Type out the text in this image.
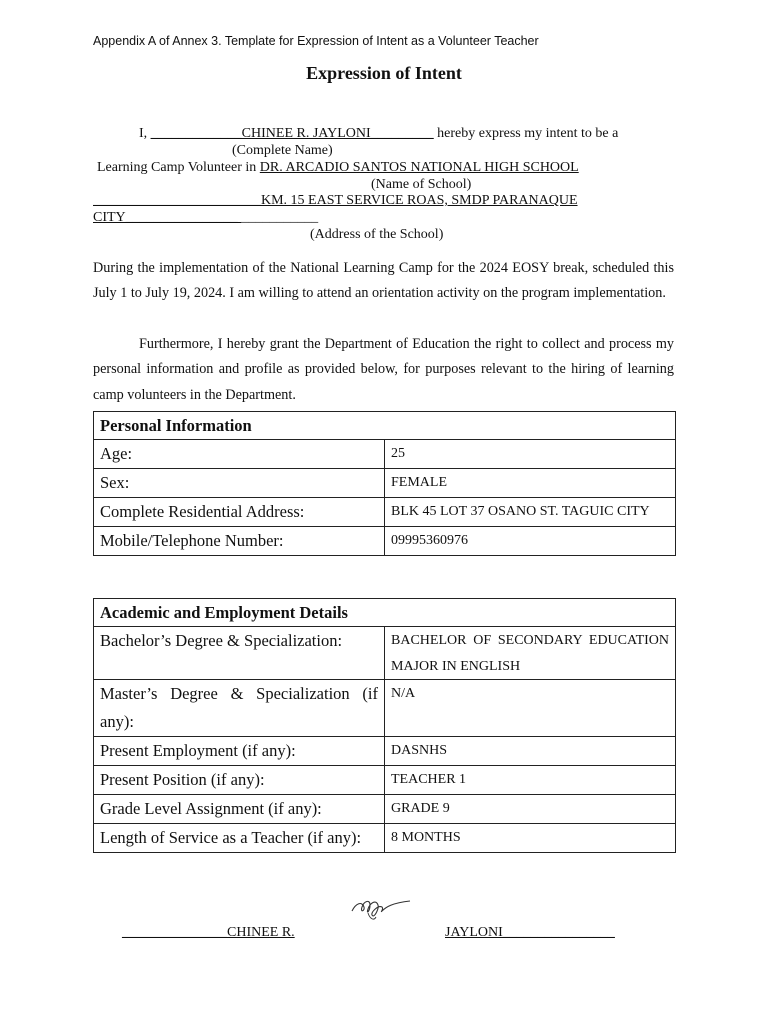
Appendix A of Annex 3. Template for Expression of Intent as a Volunteer Teacher
Expression of Intent
I, _____________CHINEE R. JAYLONI_________ hereby express my intent to be a
(Complete Name)
Learning Camp Volunteer in DR. ARCADIO SANTOS NATIONAL HIGH SCHOOL
(Name of School)
________________________KM. 15 EAST SERVICE ROAS, SMDP PARANAQUE
CITY________________ ___________
(Address of the School)
During the implementation of the National Learning Camp for the 2024 EOSY break, scheduled this July 1 to July 19, 2024. I am willing to attend an orientation activity on the program implementation.
Furthermore, I hereby grant the Department of Education the right to collect and process my personal information and profile as provided below, for purposes relevant to the hiring of learning camp volunteers in the Department.
Personal Information	
Age:	25
Sex:	FEMALE
Complete Residential Address:	BLK 45 LOT 37 OSANO ST. TAGUIC CITY
Mobile/Telephone Number:	09995360976
Academic and Employment Details	
Bachelor’s Degree & Specialization:	BACHELOR OF SECONDARY EDUCATION MAJOR IN ENGLISH
Master’s Degree & Specialization (if any):	N/A
Present Employment (if any):	DASNHS
Present Position (if any):	TEACHER 1
Grade Level Assignment (if any):	GRADE 9
Length of Service as a Teacher (if any):	8 MONTHS
_______________CHINEE R.	JAYLONI________________
